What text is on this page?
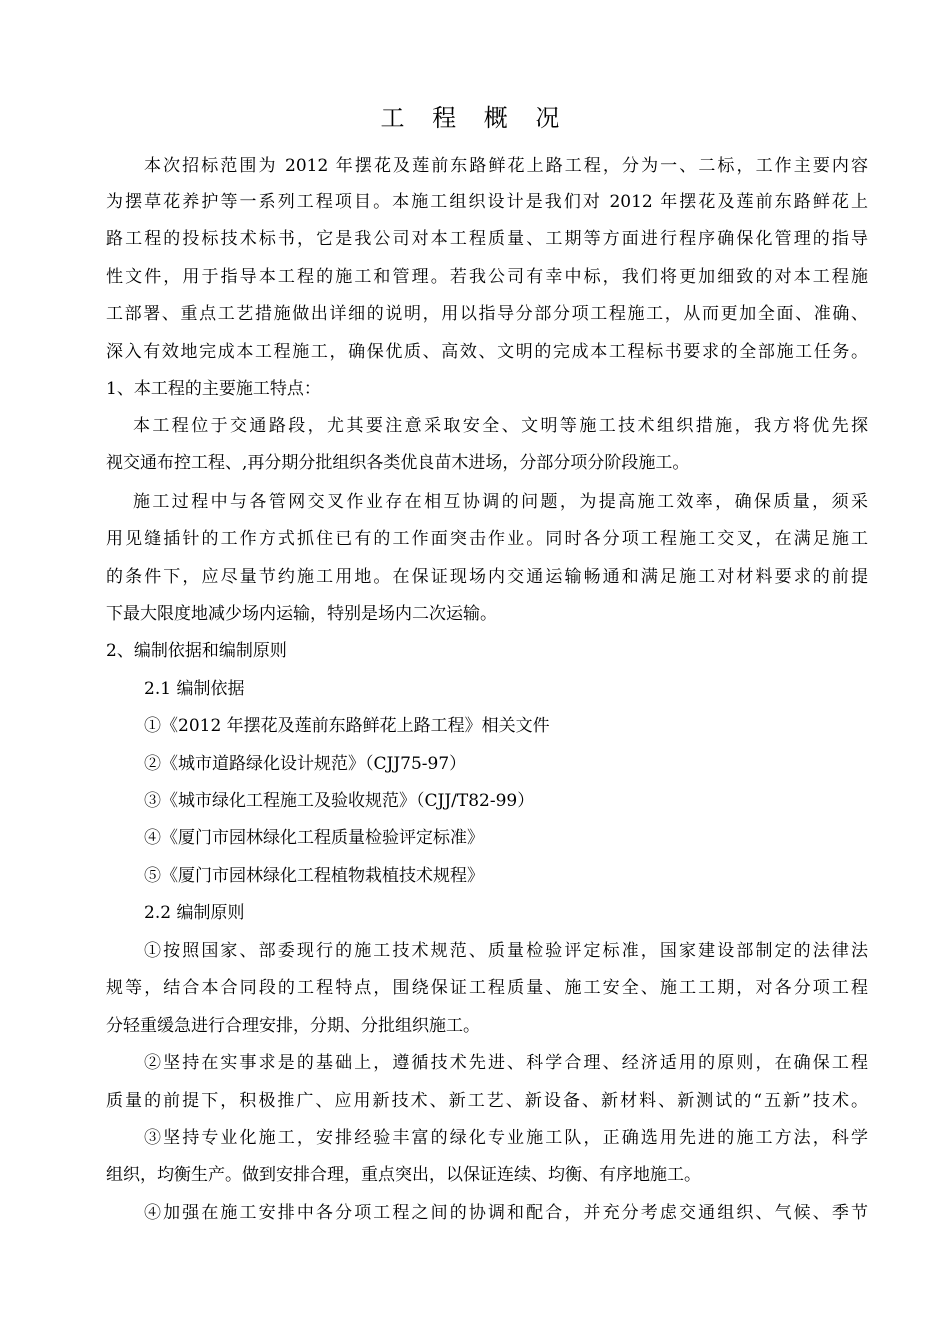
工 程 概 况
本次招标范围为 2012 年摆花及莲前东路鲜花上路工程，分为一、二标，工作主要内容
为摆草花养护等一系列工程项目。本施工组织设计是我们对 2012 年摆花及莲前东路鲜花上
路工程的投标技术标书，它是我公司对本工程质量、工期等方面进行程序确保化管理的指导
性文件，用于指导本工程的施工和管理。若我公司有幸中标，我们将更加细致的对本工程施
工部署、重点工艺措施做出详细的说明，用以指导分部分项工程施工，从而更加全面、准确、
深入有效地完成本工程施工，确保优质、高效、文明的完成本工程标书要求的全部施工任务。
1、本工程的主要施工特点：
本工程位于交通路段，尤其要注意采取安全、文明等施工技术组织措施，我方将优先探
视交通布控工程、,再分期分批组织各类优良苗木进场，分部分项分阶段施工。
施工过程中与各管网交叉作业存在相互协调的问题，为提高施工效率，确保质量，须采
用见缝插针的工作方式抓住已有的工作面突击作业。同时各分项工程施工交叉，在满足施工
的条件下，应尽量节约施工用地。在保证现场内交通运输畅通和满足施工对材料要求的前提
下最大限度地减少场内运输，特别是场内二次运输。
2、编制依据和编制原则
2.1 编制依据
①《2012 年摆花及莲前东路鲜花上路工程》相关文件
②《城市道路绿化设计规范》（CJJ75-97）
③《城市绿化工程施工及验收规范》（CJJ/T82-99）
④《厦门市园林绿化工程质量检验评定标准》
⑤《厦门市园林绿化工程植物栽植技术规程》
2.2 编制原则
①按照国家、部委现行的施工技术规范、质量检验评定标准，国家建设部制定的法律法
规等，结合本合同段的工程特点，围绕保证工程质量、施工安全、施工工期，对各分项工程
分轻重缓急进行合理安排，分期、分批组织施工。
②坚持在实事求是的基础上，遵循技术先进、科学合理、经济适用的原则，在确保工程
质量的前提下，积极推广、应用新技术、新工艺、新设备、新材料、新测试的“五新”技术。
③坚持专业化施工，安排经验丰富的绿化专业施工队，正确选用先进的施工方法，科学
组织，均衡生产。做到安排合理，重点突出，以保证连续、均衡、有序地施工。
④加强在施工安排中各分项工程之间的协调和配合，并充分考虑交通组织、气候、季节
